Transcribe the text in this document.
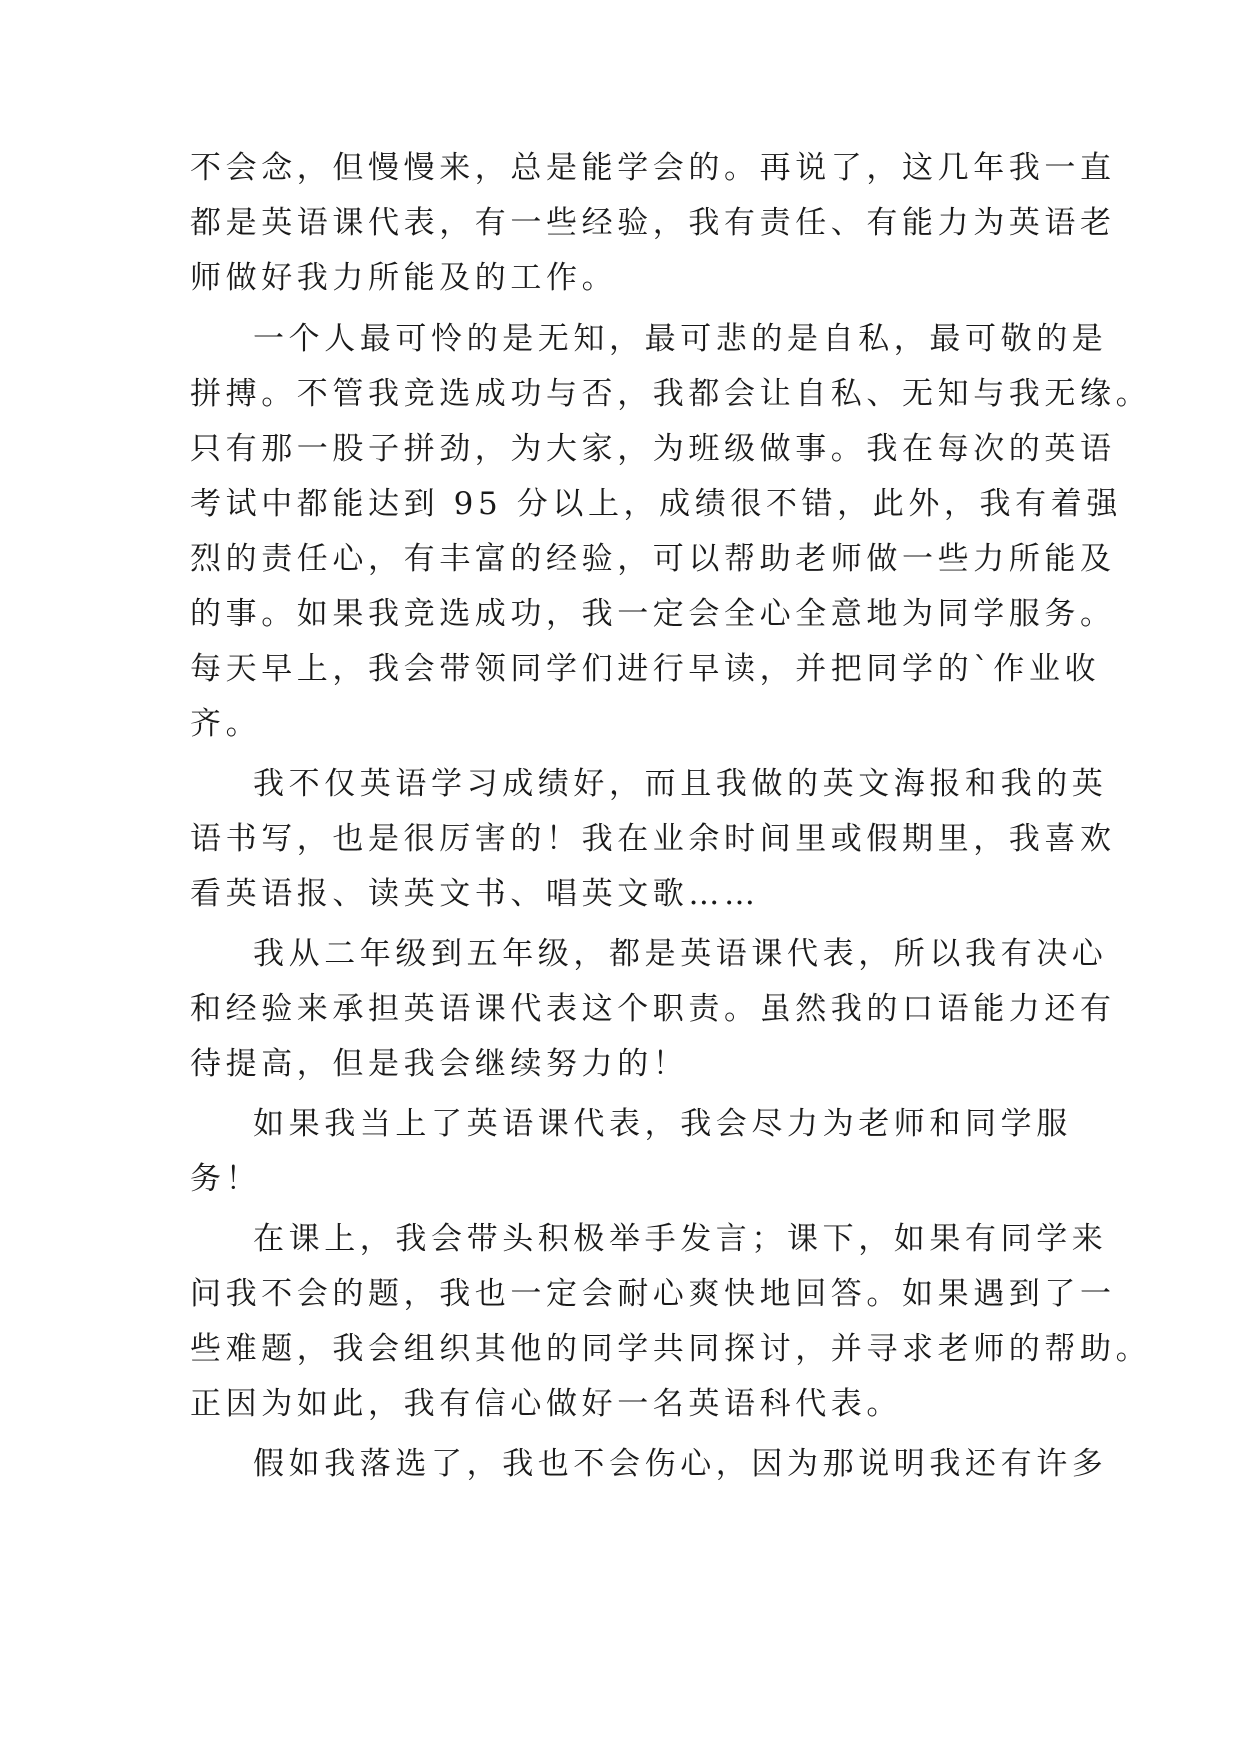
不会念，但慢慢来，总是能学会的。再说了，这几年我一直
都是英语课代表，有一些经验，我有责任、有能力为英语老
师做好我力所能及的工作。
一个人最可怜的是无知，最可悲的是自私，最可敬的是
拼搏。不管我竞选成功与否，我都会让自私、无知与我无缘。
只有那一股子拼劲，为大家，为班级做事。我在每次的英语
考试中都能达到 95 分以上，成绩很不错，此外，我有着强
烈的责任心，有丰富的经验，可以帮助老师做一些力所能及
的事。如果我竞选成功，我一定会全心全意地为同学服务。
每天早上，我会带领同学们进行早读，并把同学的`作业收
齐。
我不仅英语学习成绩好，而且我做的英文海报和我的英
语书写，也是很厉害的！我在业余时间里或假期里，我喜欢
看英语报、读英文书、唱英文歌……
我从二年级到五年级，都是英语课代表，所以我有决心
和经验来承担英语课代表这个职责。虽然我的口语能力还有
待提高，但是我会继续努力的！
如果我当上了英语课代表，我会尽力为老师和同学服
务！
在课上，我会带头积极举手发言；课下，如果有同学来
问我不会的题，我也一定会耐心爽快地回答。如果遇到了一
些难题，我会组织其他的同学共同探讨，并寻求老师的帮助。
正因为如此，我有信心做好一名英语科代表。
假如我落选了，我也不会伤心，因为那说明我还有许多
